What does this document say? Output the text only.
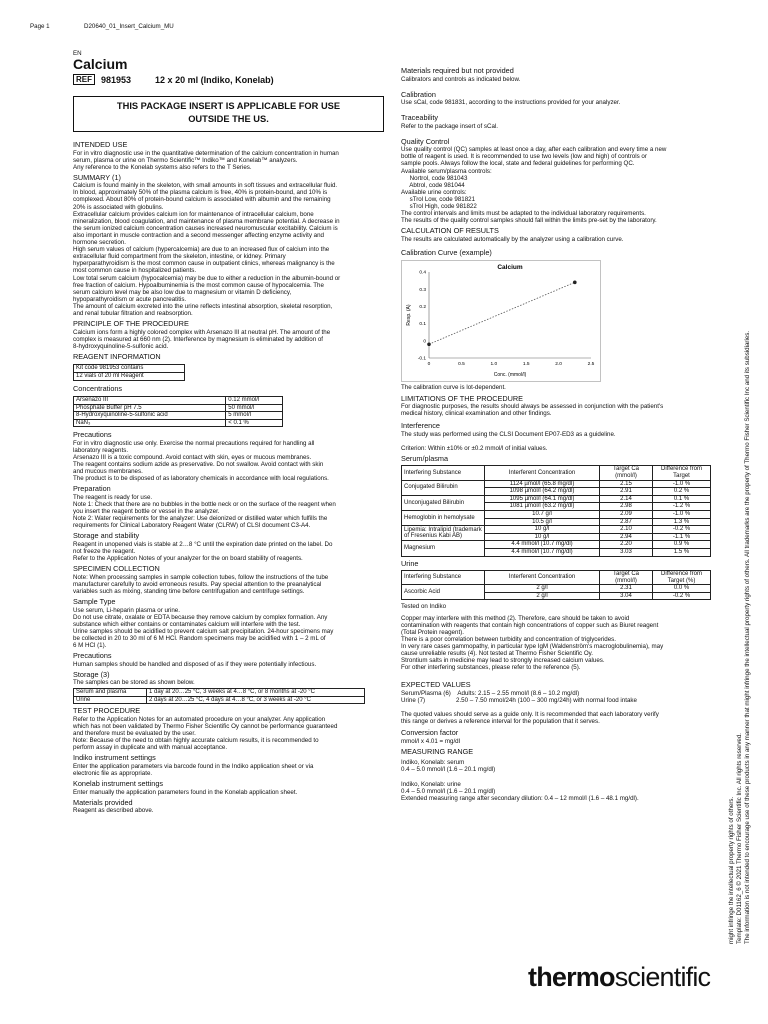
Page 1	D20640_01_Insert_Calcium_MU
EN
Calcium
REF	981953	12 x 20 ml (Indiko, Konelab)
THIS PACKAGE INSERT IS APPLICABLE FOR USE
OUTSIDE THE US.
INTENDED USE

For in vitro diagnostic use in the quantitative determination of the calcium concentration in human

serum, plasma or urine on Thermo Scientific™ Indiko™ and Konelab™ analyzers.

Any reference to the Konelab systems also refers to the T Series.

SUMMARY (1)

Calcium is found mainly in the skeleton, with small amounts in soft tissues and extracellular fluid.

In blood, approximately 50% of the plasma calcium is free, 40% is protein-bound, and 10% is

complexed. About 80% of protein-bound calcium is associated with albumin and the remaining

20% is associated with globulins.

Extracellular calcium provides calcium ion for maintenance of intracellular calcium, bone

mineralization, blood coagulation, and maintenance of plasma membrane potential. A decrease in

the serum ionized calcium concentration causes increased neuromuscular excitability. Calcium is

also important in muscle contraction and a second messenger affecting enzyme activity and

hormone secretion.

High serum values of calcium (hypercalcemia) are due to an increased flux of calcium into the

extracellular fluid compartment from the skeleton, intestine, or kidney. Primary

hyperparathyroidism is the most common cause in outpatient clinics, whereas malignancy is the

most common cause in hospitalized patients.

Low total serum calcium (hypocalcemia) may be due to either a reduction in the albumin-bound or

free fraction of calcium. Hypoalbuminemia is the most common cause of hypocalcemia. The

serum calcium level may be also low due to magnesium or vitamin D deficiency,

hypoparathyroidism or acute pancreatitis.

The amount of calcium excreted into the urine reflects intestinal absorption, skeletal resorption,

and renal tubular filtration and reabsorption.

PRINCIPLE OF THE PROCEDURE

Calcium ions form a highly colored complex with Arsenazo III at neutral pH. The amount of the

complex is measured at 660 nm (2). Interference by magnesium is eliminated by addition of

8-hydroxyquinoline-5-sulfonic acid.

REAGENT INFORMATION
Kit code 981953 contains
12 vials of 20 ml Reagent
Concentrations
Arsenazo III	0.12 mmol/l
Phosphate Buffer pH 7.5	50 mmol/l
8-Hydroxyquinoline-5-sulfonic acid	5 mmol/l
NaN₃	< 0.1 %
Precautions

For in vitro diagnostic use only. Exercise the normal precautions required for handling all

laboratory reagents.

Arsenazo III is a toxic compound. Avoid contact with skin, eyes or mucous membranes.

The reagent contains sodium azide as preservative. Do not swallow. Avoid contact with skin

and mucous membranes.

The product is to be disposed of as laboratory chemicals in accordance with local regulations.

Preparation

The reagent is ready for use.

Note 1: Check that there are no bubbles in the bottle neck or on the surface of the reagent when

you insert the reagent bottle or vessel in the analyzer.

Note 2: Water requirements for the analyzer: Use deionized or distilled water which fulfills the

requirements for Clinical Laboratory Reagent Water (CLRW) of CLSI document C3-A4.

Storage and stability

Reagent in unopened vials is stable at 2…8 °C until the expiration date printed on the label. Do

not freeze the reagent.

Refer to the Application Notes of your analyzer for the on board stability of reagents.

SPECIMEN COLLECTION

Note: When processing samples in sample collection tubes, follow the instructions of the tube

manufacturer carefully to avoid erroneous results. Pay special attention to the preanalytical

variables such as mixing, standing time before centrifugation and centrifuge settings.

Sample Type

Use serum, Li-heparin plasma or urine.

Do not use citrate, oxalate or EDTA because they remove calcium by complex formation. Any

substance which either contains or contaminates calcium will interfere with the test.

Urine samples should be acidified to prevent calcium salt precipitation. 24-hour specimens may

be collected in 20 to 30 ml of 6 M HCl. Random specimens may be acidified with 1 – 2 mL of

6 M HCl (1).

Precautions

Human samples should be handled and disposed of as if they were potentially infectious.

Storage (3)

The samples can be stored as shown below.

Serum and plasma	1 day at 20…25 °C, 3 weeks at 4…8 °C, or 8 months at -20 °C
Urine	2 days at 20…25 °C, 4 days at 4…8 °C, or 3 weeks at -20 °C
TEST PROCEDURE

Refer to the Application Notes for an automated procedure on your analyzer. Any application

which has not been validated by Thermo Fisher Scientific Oy cannot be performance guaranteed

and therefore must be evaluated by the user.

Note: Because of the need to obtain highly accurate calcium results, it is recommended to

perform assay in duplicate and with manual acceptance.

Indiko instrument settings

Enter the application parameters via barcode found in the Indiko application sheet or via

electronic file as appropriate.

Konelab instrument settings

Enter manually the application parameters found in the Konelab application sheet.

Materials provided

Reagent as described above.

Materials required but not provided

Calibrators and controls as indicated below.

Calibration

Use sCal, code 981831, according to the instructions provided for your analyzer.

Traceability

Refer to the package insert of sCal.

Quality Control

Use quality control (QC) samples at least once a day, after each calibration and every time a new

bottle of reagent is used. It is recommended to use two levels (low and high) of controls or

sample pools. Always follow the local, state and federal guidelines for performing QC.

Available serum/plasma controls:

Nortrol, code 981043

Abtrol, code 981044

Available urine controls:

sTrol Low, code 981821

sTrol High, code 981822

The control intervals and limits must be adapted to the individual laboratory requirements.

The results of the quality control samples should fall within the limits pre-set by the laboratory.

CALCULATION OF RESULTS

The results are calculated automatically by the analyzer using a calibration curve.

Calibration Curve (example)
Calcium
0	0.5	1.0	1.5	2.0	2.5
-0.1
0
0.1
0.2
0.3
0.4
Conc. (mmol/l)
Resp. (A)
The calibration curve is lot-dependent.
LIMITATIONS OF THE PROCEDURE

For diagnostic purposes, the results should always be assessed in conjunction with the patient's

medical history, clinical examination and other findings.

Interference

The study was performed using the CLSI Document EP07-ED3 as a guideline.

Criterion: Within ±10% or ±0.2 mmol/l of initial values.

Serum/plasma
Interfering Substance	Interferent Concentration	Target Ca (mmol/l)	Difference from Target
Conjugated Bilirubin	1124 µmol/l (65.8 mg/dl)	2.15	-1.0 %
	1098 µmol/l (64.2 mg/dl)	2.91	0.2 %
Unconjugated Bilirubin	1095 µmol/l (64.1 mg/dl)	2.14	0.1 %
	1081 µmol/l (63.2 mg/dl)	2.98	-1.2 %
Hemoglobin in hemolysate	10.7 g/l	2.09	-1.0 %
	10.5 g/l	2.87	1.3 %
Lipemia: Intralipid (trademark of Fresenius Kabi AB)	10 g/l	2.10	-0.2 %
	10 g/l	2.94	-1.1 %
Magnesium	4.4 mmol/l (10.7 mg/dl)	2.20	0.9 %
	4.4 mmol/l (10.7 mg/dl)	3.03	1.5 %
Urine
Interfering Substance	Interferent Concentration	Target Ca (mmol/l)	Difference from Target (%)
Ascorbic Acid	2 g/l	2.31	0.0 %
	2 g/l	3.04	-0.2 %
Tested on Indiko

Copper may interfere with this method (2). Therefore, care should be taken to avoid

contamination with reagents that contain high concentrations of copper such as Biuret reagent

(Total Protein reagent).

There is a poor correlation between turbidity and concentration of triglycerides.

In very rare cases gammopathy, in particular type IgM (Waldenström's macroglobulinemia), may

cause unreliable results (4). Not tested at Thermo Fisher Scientific Oy.

Strontium salts in medicine may lead to strongly increased calcium values.

For other interfering substances, please refer to the reference (5).

EXPECTED VALUES

Serum/Plasma (6)    Adults: 2.15 – 2.55 mmol/l (8.6 – 10.2 mg/dl)

Urine (7)                  2.50 – 7.50 mmol/24h (100 – 300 mg/24h) with normal food intake

The quoted values should serve as a guide only. It is recommended that each laboratory verify

this range or derives a reference interval for the population that it serves.

Conversion factor

mmol/l x 4.01 = mg/dl

MEASURING RANGE

Indiko, Konelab: serum

0.4 – 5.0 mmol/l (1.6 – 20.1 mg/dl)

Indiko, Konelab: urine

0.4 – 5.0 mmol/l (1.6 – 20.1 mg/dl)

Extended measuring range after secondary dilution: 0.4 – 12 mmol/l (1.6 – 48.1 mg/dl).	The information is not intended to encourage use of these products in any manner that might infringe the intellectual property rights of others. All trademarks are the property of Thermo Fisher Scientific Inc and its subsidiaries.
Template: D01162_6 © 2021 Thermo Fisher Scientific Inc. All rights reserved.
might infringe the intellectual property rights of others.
thermoscientific
